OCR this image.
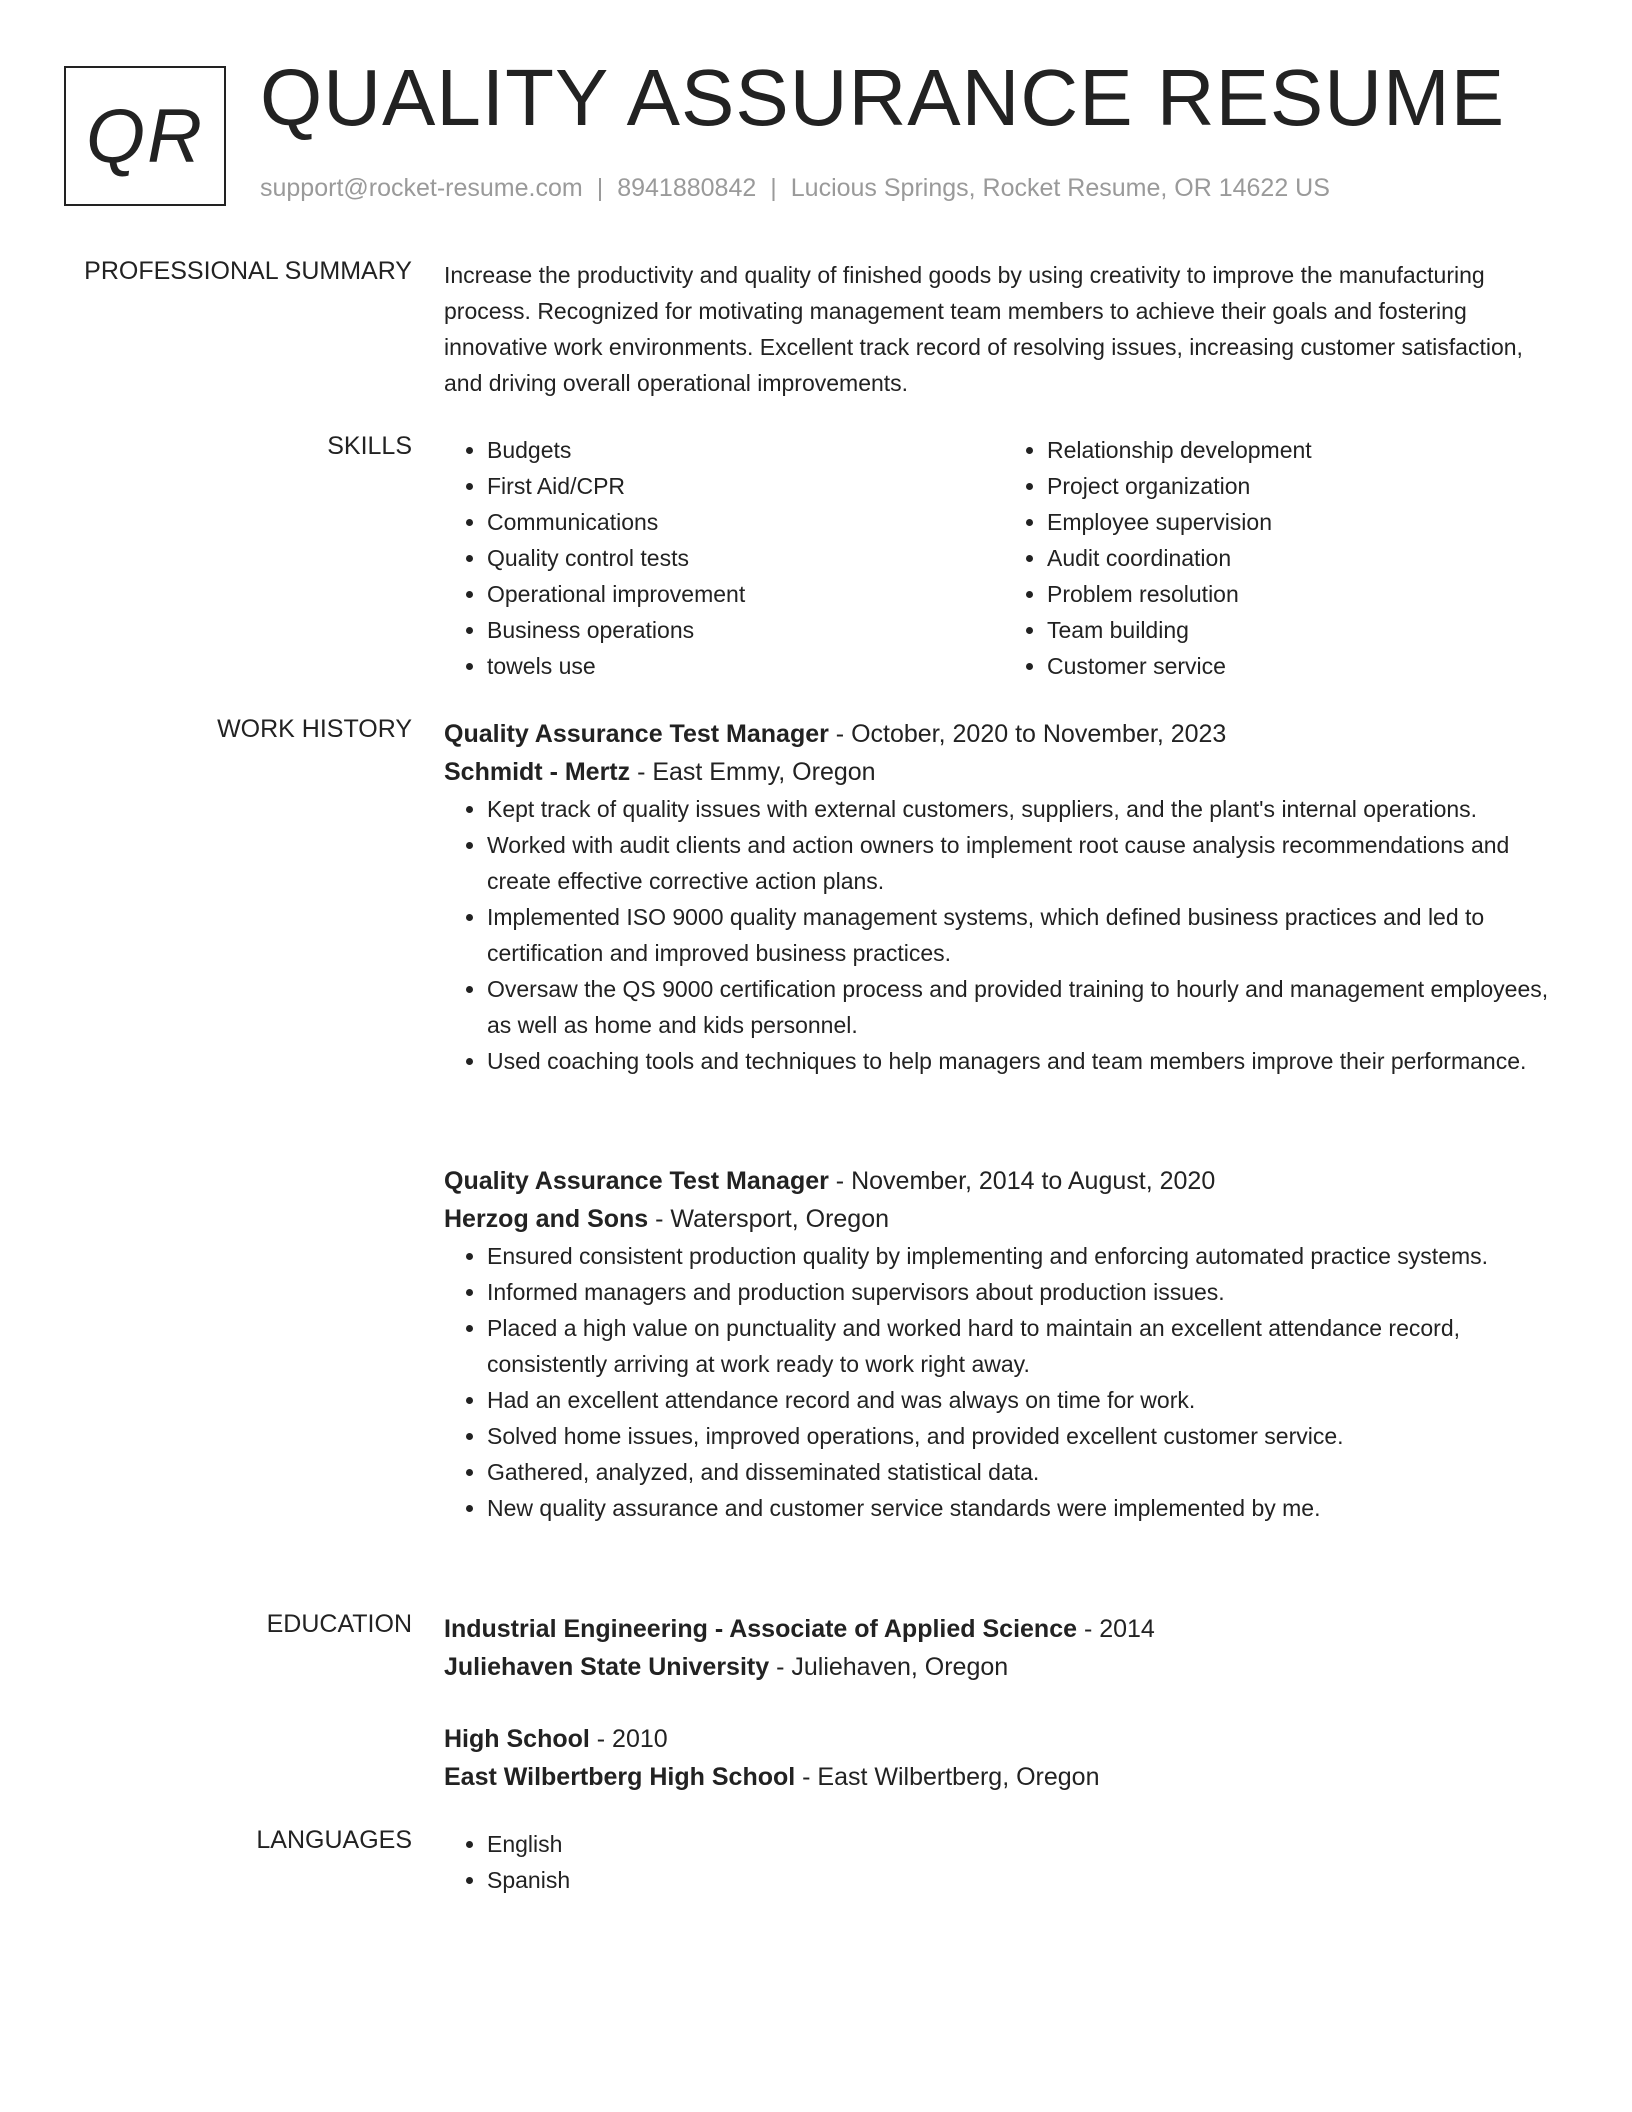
QR QUALITY ASSURANCE RESUME
support@rocket-resume.com | 8941880842 | Lucious Springs, Rocket Resume, OR 14622 US
PROFESSIONAL SUMMARY Increase the productivity and quality of finished goods by using creativity to improve the manufacturing process. Recognized for motivating management team members to achieve their goals and fostering innovative work environments. Excellent track record of resolving issues, increasing customer satisfaction, and driving overall operational improvements.

SKILLS	• Budgets
• First Aid/CPR
• Communications
• Quality control tests
• Operational improvement
• Business operations
• towels use
• Relationship development
• Project organization
• Employee supervision
• Audit coordination
• Problem resolution
• Team building
• Customer service
WORK HISTORY Quality Assurance Test Manager - October, 2020 to November, 2023
Schmidt - Mertz - East Emmy, Oregon
• Kept track of quality issues with external customers, suppliers, and the plant's internal operations.
• Worked with audit clients and action owners to implement root cause analysis recommendations and create effective corrective action plans.
• Implemented ISO 9000 quality management systems, which defined business practices and led to certification and improved business practices.
• Oversaw the QS 9000 certification process and provided training to hourly and management employees, as well as home and kids personnel.
• Used coaching tools and techniques to help managers and team members improve their performance.
Quality Assurance Test Manager - November, 2014 to August, 2020
Herzog and Sons - Watersport, Oregon
• Ensured consistent production quality by implementing and enforcing automated practice systems.
• Informed managers and production supervisors about production issues.
• Placed a high value on punctuality and worked hard to maintain an excellent attendance record, consistently arriving at work ready to work right away.
• Had an excellent attendance record and was always on time for work.
• Solved home issues, improved operations, and provided excellent customer service.
• Gathered, analyzed, and disseminated statistical data.
• New quality assurance and customer service standards were implemented by me.
EDUCATION Industrial Engineering - Associate of Applied Science - 2014
Juliehaven State University - Juliehaven, Oregon
High School - 2010
East Wilbertberg High School - East Wilbertberg, Oregon
LANGUAGES	• English
• Spanish
